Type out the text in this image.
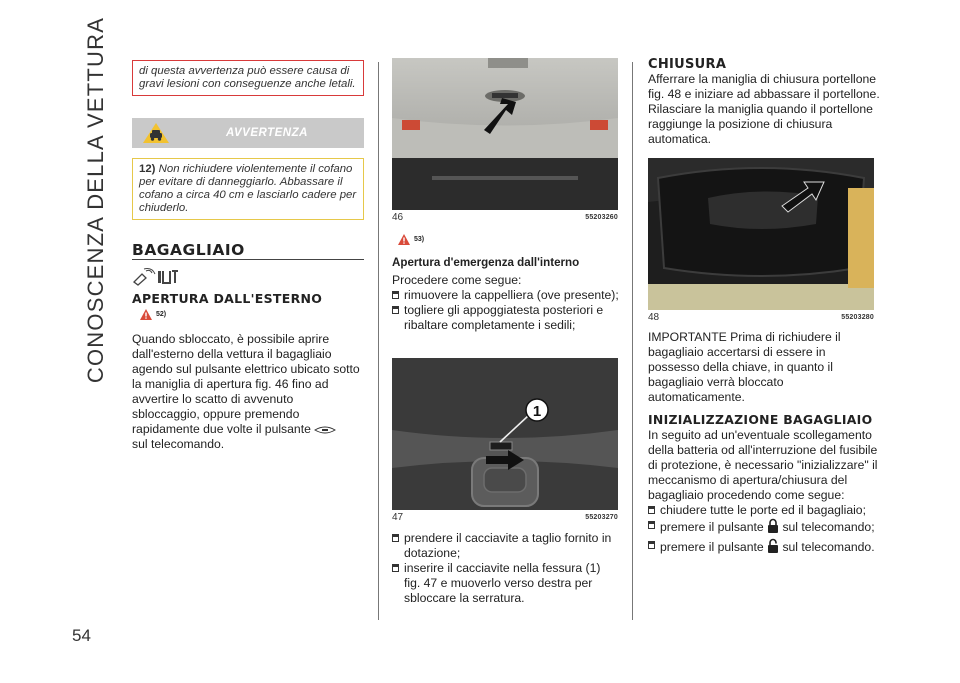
CONOSCENZA DELLA VETTURA
54
di questa avvertenza può essere causa di gravi lesioni con conseguenze anche letali.
AVVERTENZA
12) Non richiudere violentemente il cofano per evitare di danneggiarlo. Abbassare il cofano a circa 40 cm e lasciarlo cadere per chiuderlo.
BAGAGLIAIO
APERTURA DALL'ESTERNO
52)
Quando sbloccato, è possibile aprire dall'esterno della vettura il bagagliaio agendo sul pulsante elettrico ubicato sotto la maniglia di apertura fig. 46 fino ad avvertire lo scatto di avvenuto sbloccaggio, oppure premendo rapidamente due volte il pulsante
sul telecomando.
46	55203260
53)
Apertura d'emergenza dall'interno
Procedere come segue:
rimuovere la cappelliera (ove presente);
togliere gli appoggiatesta posteriori e ribaltare completamente i sedili;
1
47	55203270
prendere il cacciavite a taglio fornito in dotazione;
inserire il cacciavite nella fessura (1) fig. 47 e muoverlo verso destra per sbloccare la serratura.
CHIUSURA
Afferrare la maniglia di chiusura portellone fig. 48 e iniziare ad abbassare il portellone. Rilasciare la maniglia quando il portellone raggiunge la posizione di chiusura automatica.
48	55203280
IMPORTANTE Prima di richiudere il bagagliaio accertarsi di essere in possesso della chiave, in quanto il bagagliaio verrà bloccato automaticamente.
INIZIALIZZAZIONE BAGAGLIAIO
In seguito ad un'eventuale scollegamento della batteria od all'interruzione del fusibile di protezione, è necessario "inizializzare" il meccanismo di apertura/chiusura del bagagliaio procedendo come segue:
chiudere tutte le porte ed il bagagliaio;
premere il pulsante sul telecomando;
premere il pulsante sul telecomando.
